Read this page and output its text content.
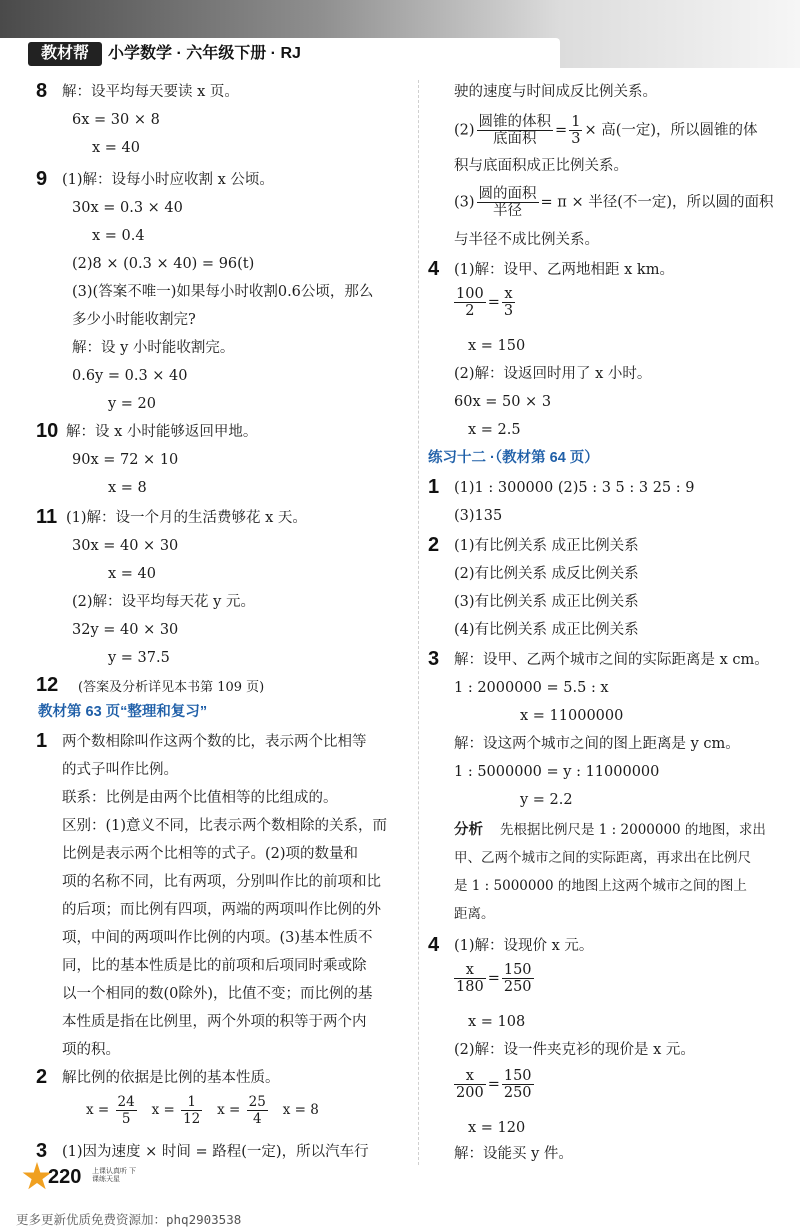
教材帮	小学数学 · 六年级下册 · RJ
8 解：设平均每天要读 x 页。
6x = 30 × 8
x = 40
9 (1)解：设每小时应收割 x 公顷。
30x = 0.3 × 40
x = 0.4
(2)8 × (0.3 × 40) = 96(t)
(3)(答案不唯一)如果每小时收割0.6公顷，那么
多少小时能收割完?
解：设 y 小时能收割完。
0.6y = 0.3 × 40
y = 20
10 解：设 x 小时能够返回甲地。
90x = 72 × 10
x = 8
11 (1)解：设一个月的生活费够花 x 天。
30x = 40 × 30
x = 40
(2)解：设平均每天花 y 元。
32y = 40 × 30
y = 37.5
12 (答案及分析详见本书第 109 页)
教材第 63 页“整理和复习”
1 两个数相除叫作这两个数的比，表示两个比相等
的式子叫作比例。
联系：比例是由两个比值相等的比组成的。
区别：(1)意义不同，比表示两个数相除的关系，而
比例是表示两个比相等的式子。(2)项的数量和
项的名称不同，比有两项，分别叫作比的前项和比
的后项；而比例有四项，两端的两项叫作比例的外
项，中间的两项叫作比例的内项。(3)基本性质不
同，比的基本性质是比的前项和后项同时乘或除
以一个相同的数(0除外)，比值不变；而比例的基
本性质是指在比例里，两个外项的积等于两个内
项的积。
2 解比例的依据是比例的基本性质。
$x = \frac{24}{5}$ $x = \frac{1}{12}$ $x = \frac{25}{4}$ x = 8
3 (1)因为速度 × 时间 = 路程(一定)，所以汽车行
驶的速度与时间成反比例关系。
$(2) \frac{\text{圆锥的体积}}{\text{底面积}} = \frac{1}{3}$ × 高(一定)，所以圆锥的体
积与底面积成正比例关系。
$(3) \frac{\text{圆的面积}}{\text{半径}} = \pi$ × 半径(不一定)，所以圆的面积
与半径不成比例关系。
4 (1)解：设甲、乙两地相距 x km。
$\frac{100}{2} = \frac{x}{3}$
x = 150
(2)解：设返回时用了 x 小时。
60x = 50 × 3
x = 2.5
练习十二 ·（教材第 64 页）
1 (1)1 : 300000 (2)5 : 3 5 : 3 25 : 9
(3)135
2 (1)有比例关系 成正比例关系
(2)有比例关系 成反比例关系
(3)有比例关系 成正比例关系
(4)有比例关系 成正比例关系
3 解：设甲、乙两个城市之间的实际距离是 x cm。
1 : 2000000 = 5.5 : x
x = 11000000
解：设这两个城市之间的图上距离是 y cm。
1 : 5000000 = y : 11000000
y = 2.2
分析 先根据比例尺是 1 : 2000000 的地图，求出
甲、乙两个城市之间的实际距离，再求出在比例尺
是 1 : 5000000 的地图上这两个城市之间的图上
距离。
4 (1)解：设现价 x 元。
$\frac{x}{180} = \frac{150}{250}$
x = 108
(2)解：设一件夹克衫的现价是 x 元。
$\frac{x}{200} = \frac{150}{250}$
x = 120
解：设能买 y 件。
220 上课认真听 下课练天星
更多更新优质免费资源加：phq2903538
